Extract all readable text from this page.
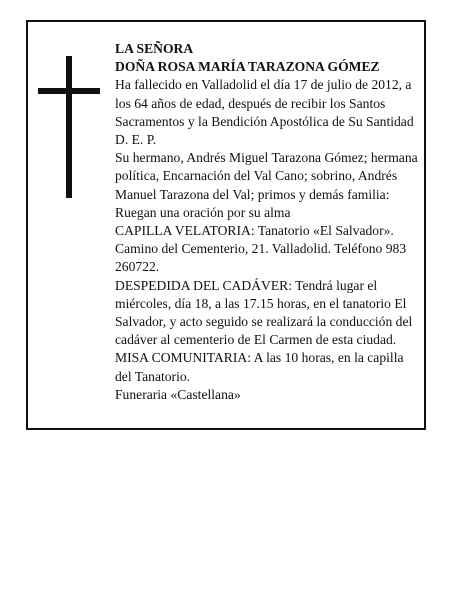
LA SEÑORA

DOÑA ROSA MARÍA TARAZONA GÓMEZ

Ha fallecido en Valladolid el día 17 de julio de 2012, a los 64 años de edad, después de recibir los Santos Sacramentos y la Bendición Apostólica de Su Santidad D. E. P.

Su hermano, Andrés Miguel Tarazona Gómez; hermana política, Encarnación del Val Cano; sobrino, Andrés Manuel Tarazona del Val; primos y demás familia:

Ruegan una oración por su alma

CAPILLA VELATORIA: Tanatorio «El Salvador». Camino del Cementerio, 21. Valladolid. Teléfono 983 260722.

DESPEDIDA DEL CADÁVER: Tendrá lugar el miércoles, día 18, a las 17.15 horas, en el tanatorio El Salvador, y acto seguido se realizará la conducción del cadáver al cementerio de El Carmen de esta ciudad.

MISA COMUNITARIA: A las 10 horas, en la capilla del Tanatorio.

Funeraria «Castellana»
